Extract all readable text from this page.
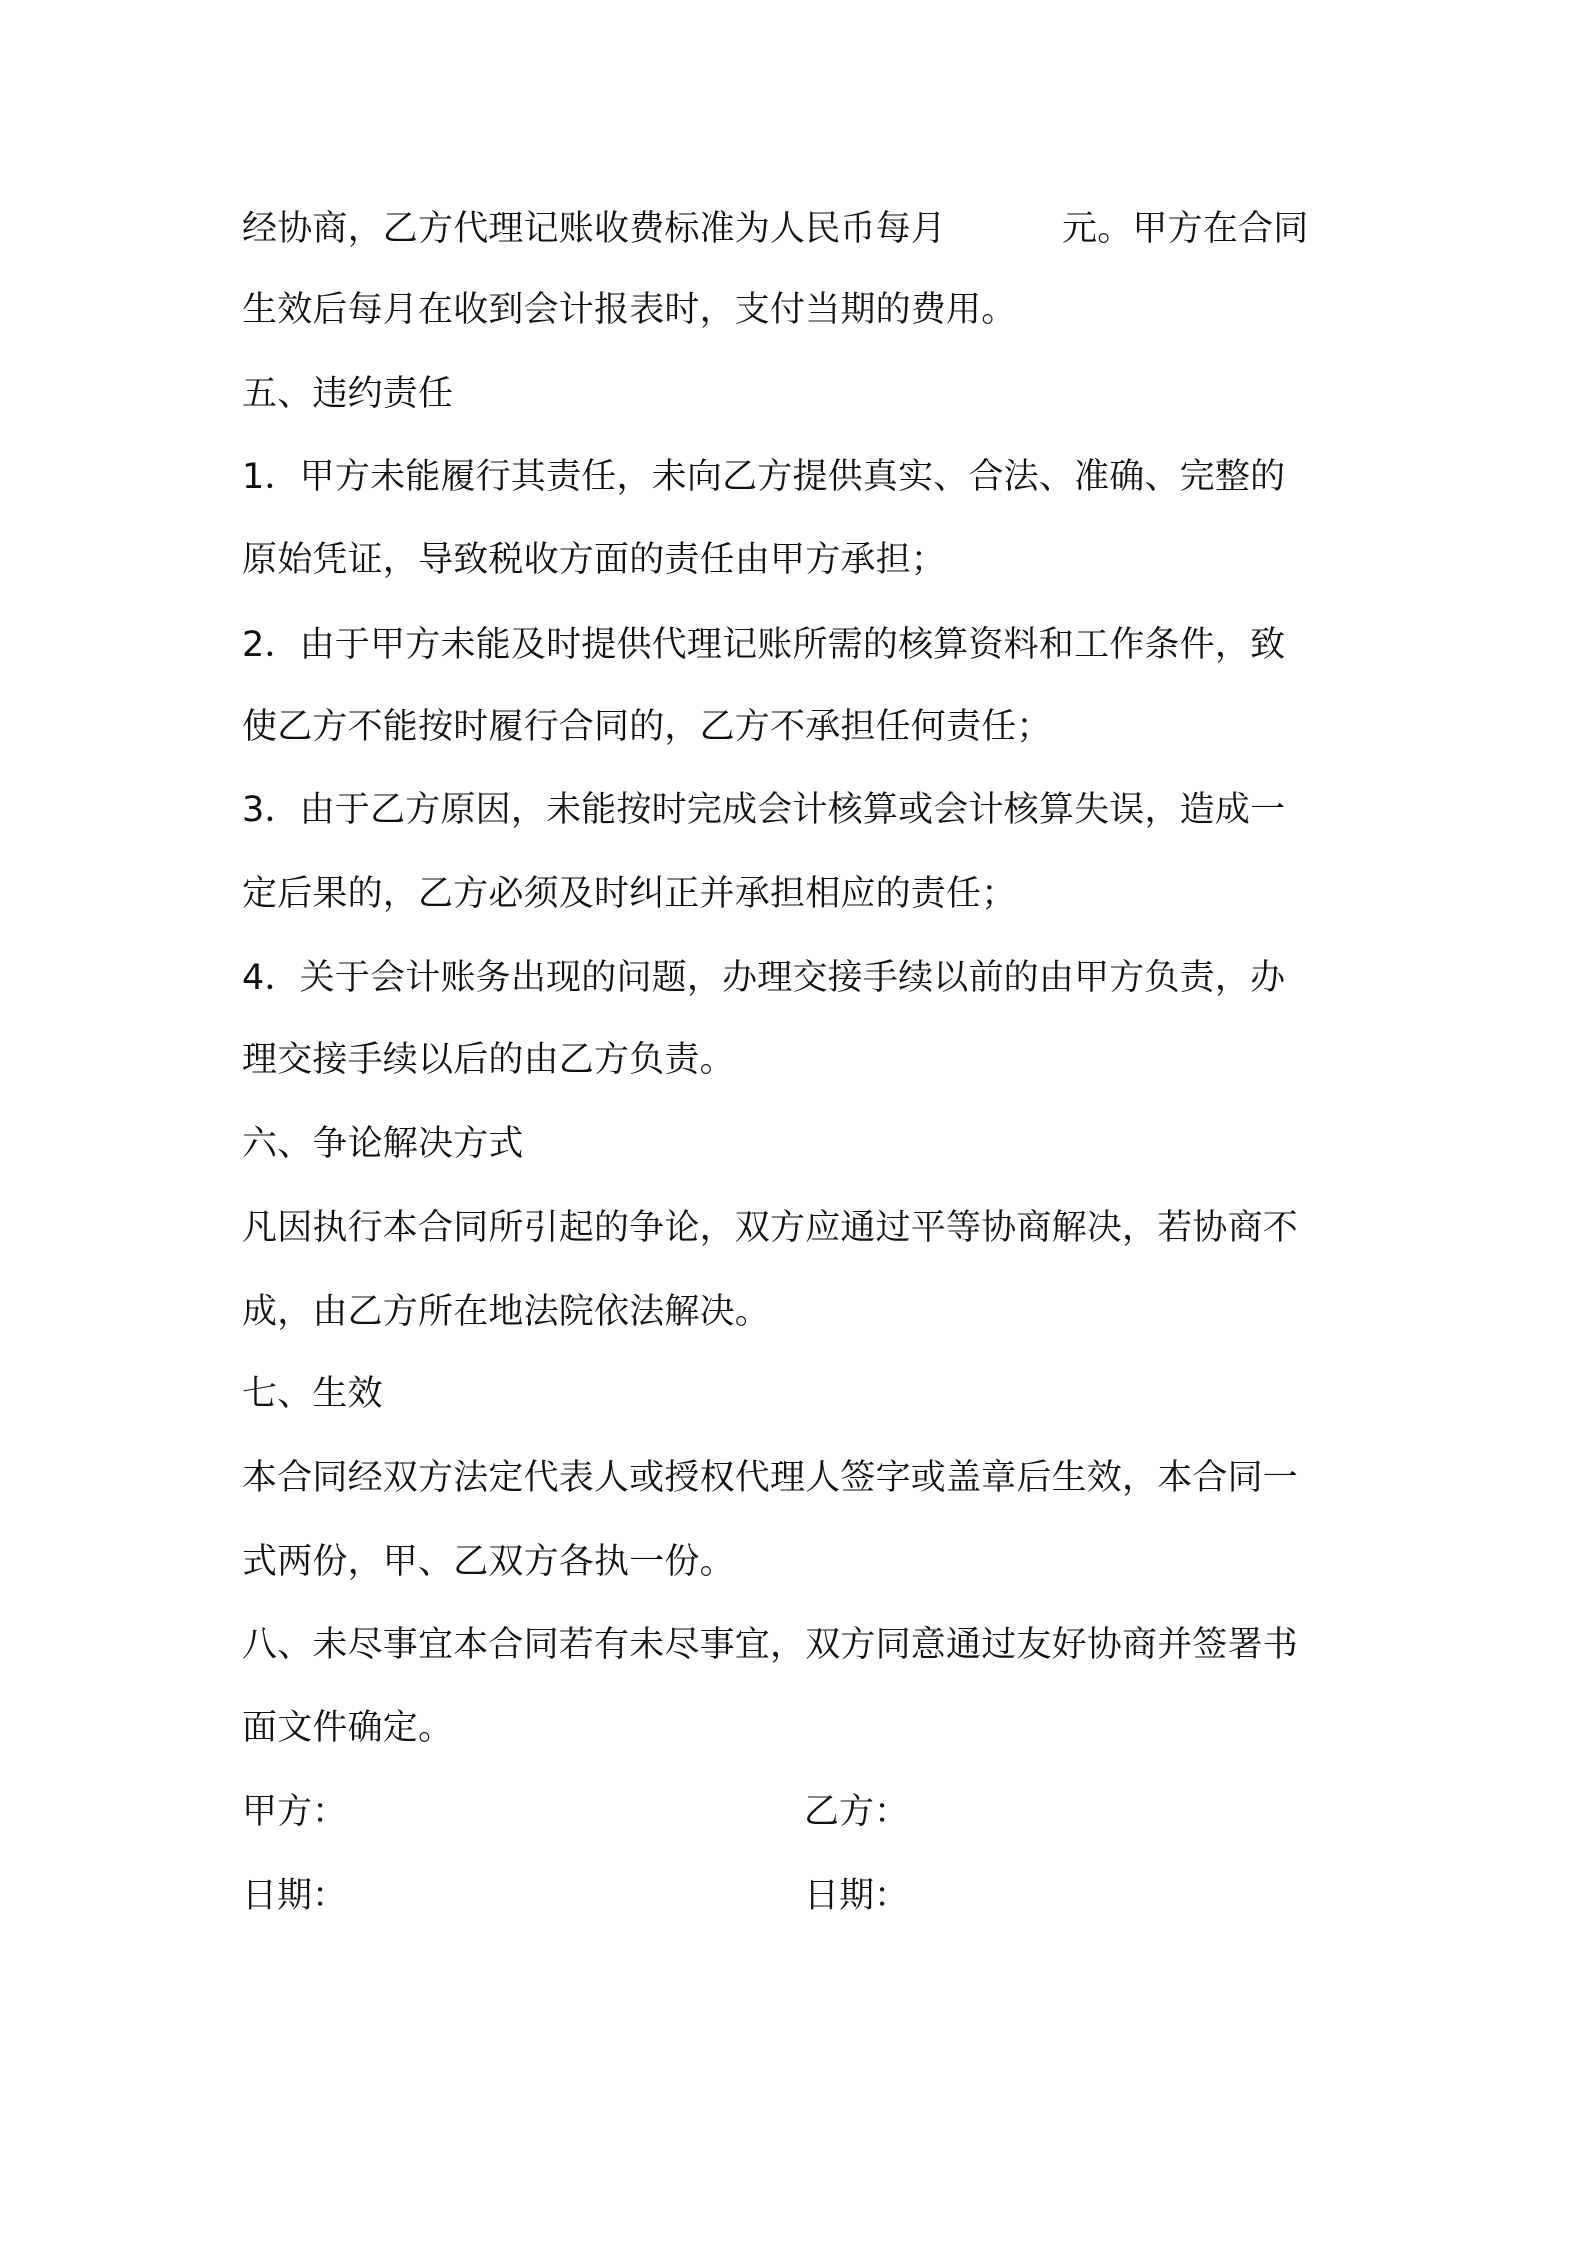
经协商，乙方代理记账收费标准为人民币每月	元。甲方在合同
生效后每月在收到会计报表时，支付当期的费用。
五、违约责任
1．甲方未能履行其责任，未向乙方提供真实、合法、准确、完整的
原始凭证，导致税收方面的责任由甲方承担；
2．由于甲方未能及时提供代理记账所需的核算资料和工作条件，致
使乙方不能按时履行合同的，乙方不承担任何责任；
3．由于乙方原因，未能按时完成会计核算或会计核算失误，造成一
定后果的，乙方必须及时纠正并承担相应的责任；
4．关于会计账务出现的问题，办理交接手续以前的由甲方负责，办
理交接手续以后的由乙方负责。
六、争论解决方式
凡因执行本合同所引起的争论，双方应通过平等协商解决，若协商不
成，由乙方所在地法院依法解决。
七、生效
本合同经双方法定代表人或授权代理人签字或盖章后生效，本合同一
式两份，甲、乙双方各执一份。
八、未尽事宜本合同若有未尽事宜，双方同意通过友好协商并签署书
面文件确定。
甲方：	乙方：
日期：	日期：
